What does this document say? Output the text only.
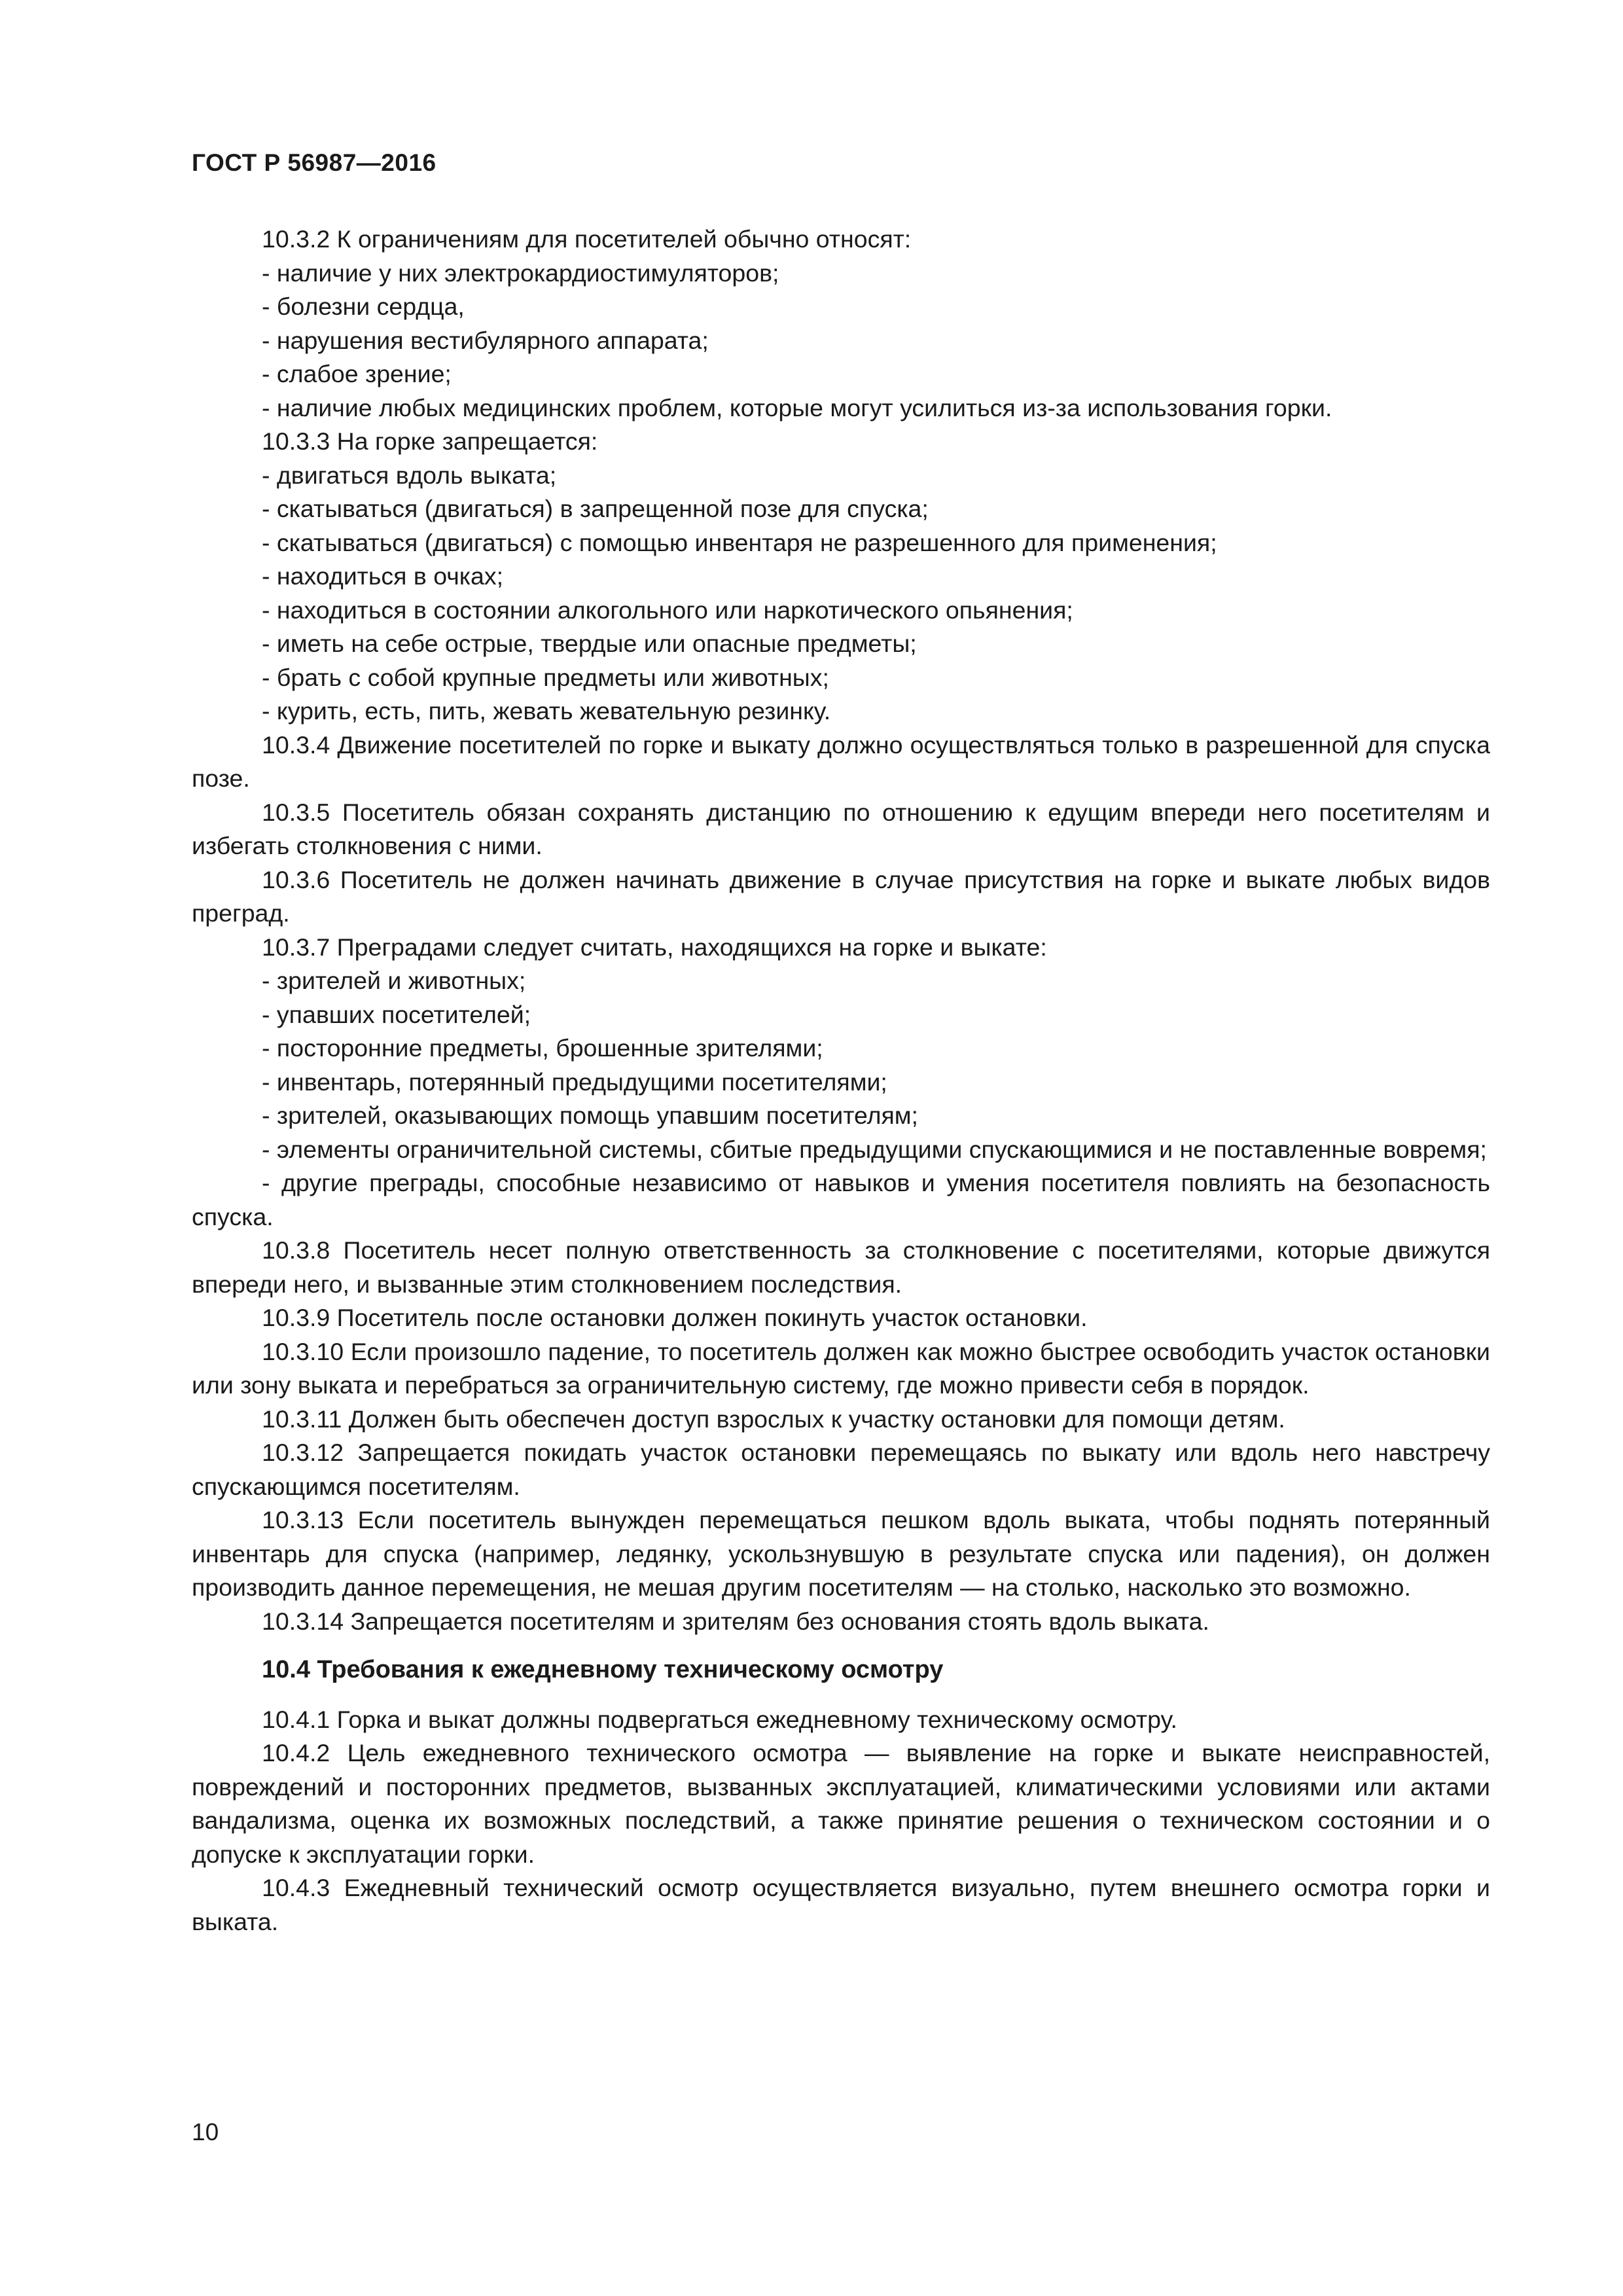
ГОСТ Р 56987—2016

10.3.2 К ограничениям для посетителей обычно относят:

- наличие у них электрокардиостимуляторов;

- болезни сердца,

- нарушения вестибулярного аппарата;

- слабое зрение;

- наличие любых медицинских проблем, которые могут усилиться из-за использования горки.

10.3.3 На горке запрещается:

- двигаться вдоль выката;

- скатываться (двигаться) в запрещенной позе для спуска;

- скатываться (двигаться) с помощью инвентаря не разрешенного для применения;

- находиться в очках;

- находиться в состоянии алкогольного или наркотического опьянения;

- иметь на себе острые, твердые или опасные предметы;

- брать с собой крупные предметы или животных;

- курить, есть, пить, жевать жевательную резинку.

10.3.4 Движение посетителей по горке и выкату должно осуществляться только в разрешенной для спуска позе.

10.3.5 Посетитель обязан сохранять дистанцию по отношению к едущим впереди него посетителям и избегать столкновения с ними.

10.3.6 Посетитель не должен начинать движение в случае присутствия на горке и выкате любых видов преград.

10.3.7 Преградами следует считать, находящихся на горке и выкате:

- зрителей и животных;

- упавших посетителей;

- посторонние предметы, брошенные зрителями;

- инвентарь, потерянный предыдущими посетителями;

- зрителей, оказывающих помощь упавшим посетителям;

- элементы ограничительной системы, сбитые предыдущими спускающимися и не поставленные вовремя;

- другие преграды, способные независимо от навыков и умения посетителя повлиять на безопасность спуска.

10.3.8 Посетитель несет полную ответственность за столкновение с посетителями, которые движутся впереди него, и вызванные этим столкновением последствия.

10.3.9 Посетитель после остановки должен покинуть участок остановки.

10.3.10 Если произошло падение, то посетитель должен как можно быстрее освободить участок остановки или зону выката и перебраться за ограничительную систему, где можно привести себя в порядок.

10.3.11 Должен быть обеспечен доступ взрослых к участку остановки для помощи детям.

10.3.12 Запрещается покидать участок остановки перемещаясь по выкату или вдоль него навстречу спускающимся посетителям.

10.3.13 Если посетитель вынужден перемещаться пешком вдоль выката, чтобы поднять потерянный инвентарь для спуска (например, ледянку, ускользнувшую в результате спуска или падения), он должен производить данное перемещения, не мешая другим посетителям — на столько, насколько это возможно.

10.3.14 Запрещается посетителям и зрителям без основания стоять вдоль выката.

10.4 Требования к ежедневному техническому осмотру

10.4.1 Горка и выкат должны подвергаться ежедневному техническому осмотру.

10.4.2 Цель ежедневного технического осмотра — выявление на горке и выкате неисправностей, повреждений и посторонних предметов, вызванных эксплуатацией, климатическими условиями или актами вандализма, оценка их возможных последствий, а также принятие решения о техническом состоянии и о допуске к эксплуатации горки.

10.4.3 Ежедневный технический осмотр осуществляется визуально, путем внешнего осмотра горки и выката.

10
